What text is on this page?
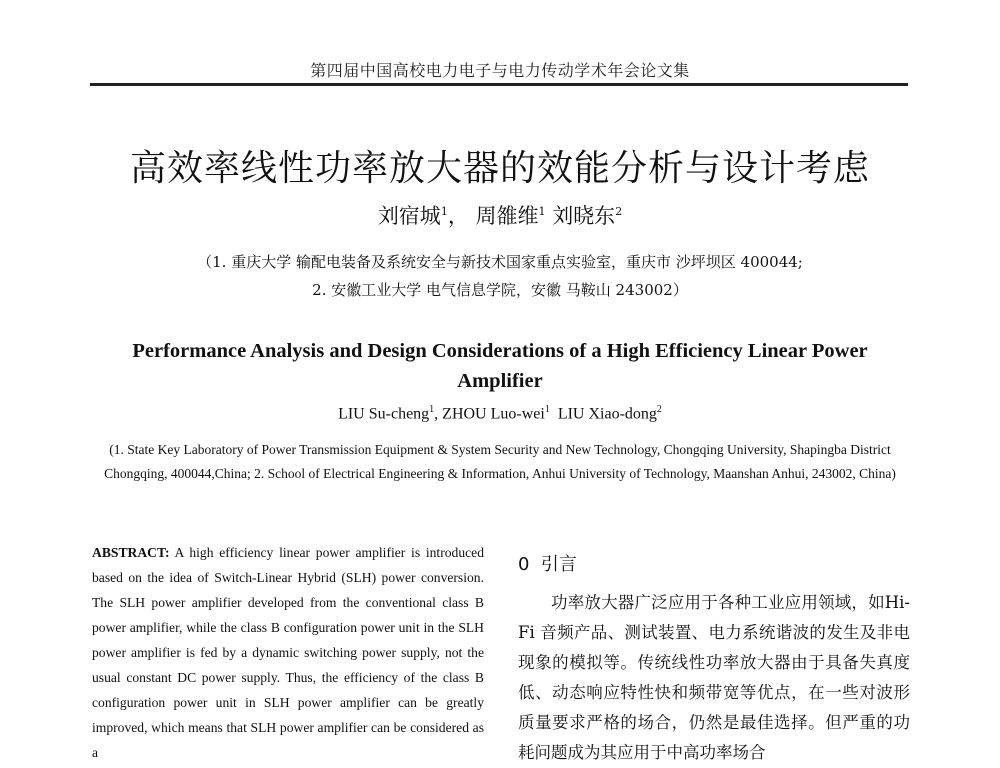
第四届中国高校电力电子与电力传动学术年会论文集
高效率线性功率放大器的效能分析与设计考虑
刘宿城$^1$， 周雒维$^1$ 刘晓东$^2$
（1. 重庆大学 输配电装备及系统安全与新技术国家重点实验室，重庆市 沙坪坝区 400044;
2. 安徽工业大学 电气信息学院，安徽 马鞍山 243002）
Performance Analysis and Design Considerations of a High Efficiency Linear Power Amplifier
LIU Su-cheng$^1$, ZHOU Luo-wei$^1$ LIU Xiao-dong$^2$
(1. State Key Laboratory of Power Transmission Equipment & System Security and New Technology, Chongqing University, Shapingba District Chongqing, 400044,China; 2. School of Electrical Engineering & Information, Anhui University of Technology, Maanshan Anhui, 243002, China)
ABSTRACT: A high efficiency linear power amplifier is introduced based on the idea of Switch-Linear Hybrid (SLH) power conversion. The SLH power amplifier developed from the conventional class B power amplifier, while the class B configuration power unit in the SLH power amplifier is fed by a dynamic switching power supply, not the usual constant DC power supply. Thus, the efficiency of the class B configuration power unit in SLH power amplifier can be greatly improved, which means that SLH power amplifier can be considered as a
0 引言
功率放大器广泛应用于各种工业应用领域，如Hi-Fi 音频产品、测试装置、电力系统谐波的发生及非电现象的模拟等。传统线性功率放大器由于具备失真度低、动态响应特性快和频带宽等优点，在一些对波形质量要求严格的场合，仍然是最佳选择。但严重的功耗问题成为其应用于中高功率场合
